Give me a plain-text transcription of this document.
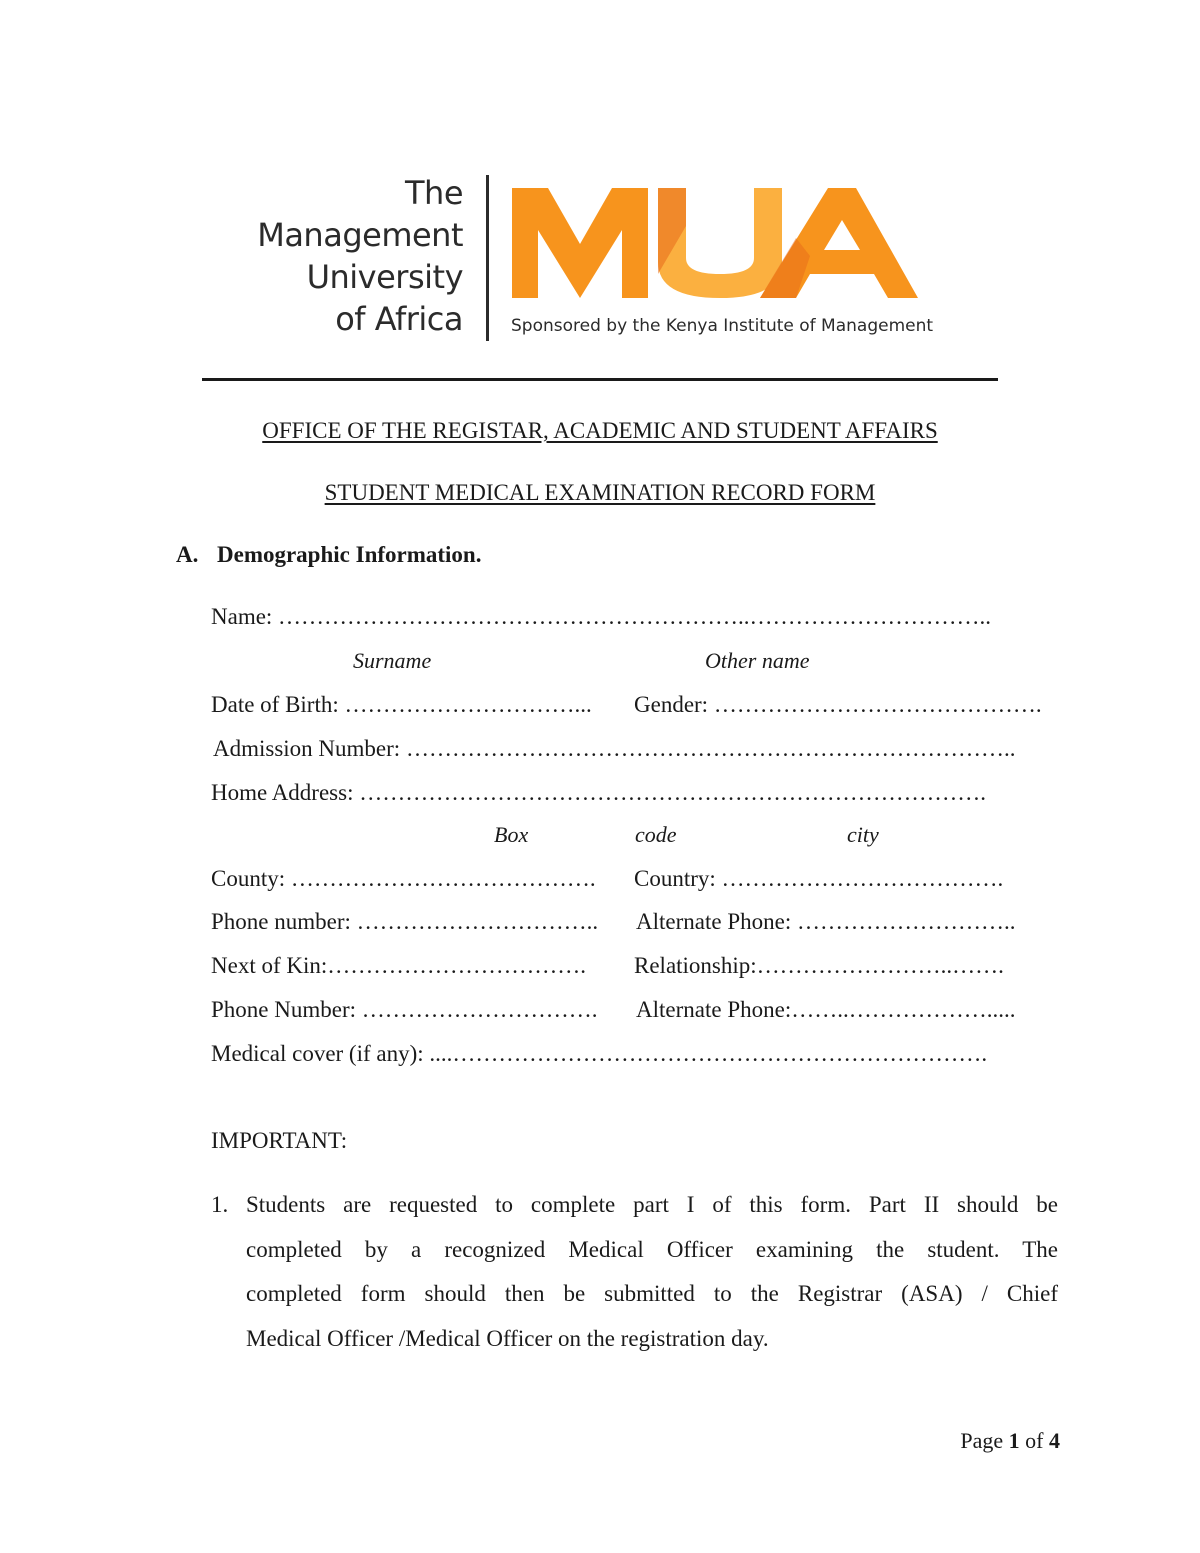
The
Management
University
of Africa	Sponsored by the Kenya Institute of Management
OFFICE OF THE REGISTAR, ACADEMIC AND STUDENT AFFAIRS
STUDENT MEDICAL EXAMINATION RECORD FORM
A. Demographic Information.
Name: ……………………………………………………..…………………………..
Surname	Other name
Date of Birth: …………………………... Gender: …………………………………….
Admission Number: ……………………………………………………………………..
Home Address: ……………………………………………………………………….
Box	code	city
County: …………………………………. Country: ……………………………….
Phone number: ………………………….. Alternate Phone: ………………………..
Next of Kin:……………………………. Relationship:……………………..…….
Phone Number: …………………………. Alternate Phone:……..……………….....
Medical cover (if any): ....…………………………………………………………….
IMPORTANT:
1. Students are requested to complete part I of this form. Part II should be
completed by a recognized Medical Officer examining the student. The
completed form should then be submitted to the Registrar (ASA) / Chief
Medical Officer /Medical Officer on the registration day.
Page 1 of 4
